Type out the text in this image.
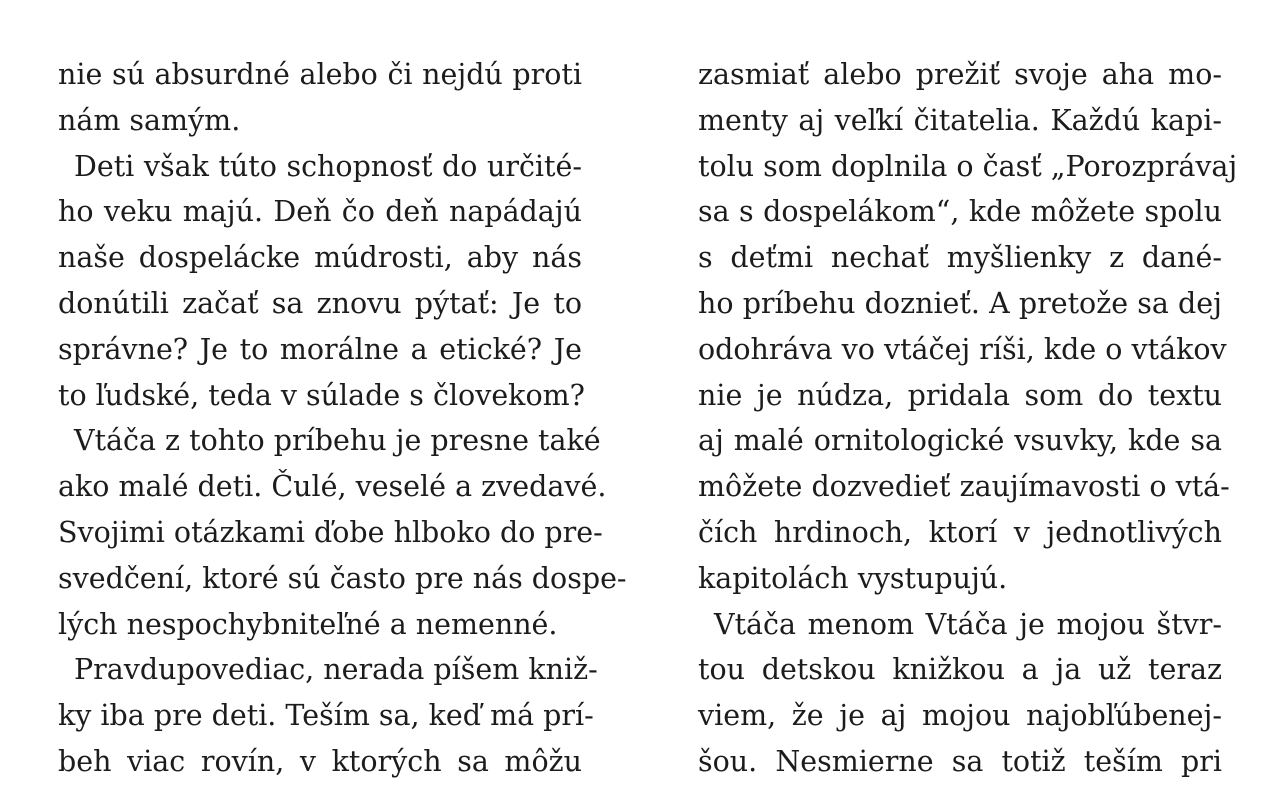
nie sú absurdné alebo či nejdú proti
nám samým.
Deti však túto schopnosť do určité-
ho veku majú. Deň čo deň napádajú
naše dospelácke múdrosti, aby nás
donútili začať sa znovu pýtať: Je to
správne? Je to morálne a etické? Je
to ľudské, teda v súlade s človekom?
Vtáča z tohto príbehu je presne také
ako malé deti. Čulé, veselé a zvedavé.
Svojimi otázkami ďobe hlboko do pre-
svedčení, ktoré sú často pre nás dospe-
lých nespochybniteľné a nemenné.
Pravdupovediac, nerada píšem kniž-
ky iba pre deti. Teším sa, keď má prí-
beh viac rovín, v ktorých sa môžu
zasmiať alebo prežiť svoje aha mo-
menty aj veľkí čitatelia. Každú kapi-
tolu som doplnila o časť „Porozprávaj
sa s dospelákom“, kde môžete spolu
s deťmi nechať myšlienky z dané-
ho príbehu doznieť. A pretože sa dej
odohráva vo vtáčej ríši, kde o vtákov
nie je núdza, pridala som do textu
aj malé ornitologické vsuvky, kde sa
môžete dozvedieť zaujímavosti o vtá-
čích hrdinoch, ktorí v jednotlivých
kapitolách vystupujú.
Vtáča menom Vtáča je mojou štvr-
tou detskou knižkou a ja už teraz
viem, že je aj mojou najobľúbenej-
šou. Nesmierne sa totiž teším pri
